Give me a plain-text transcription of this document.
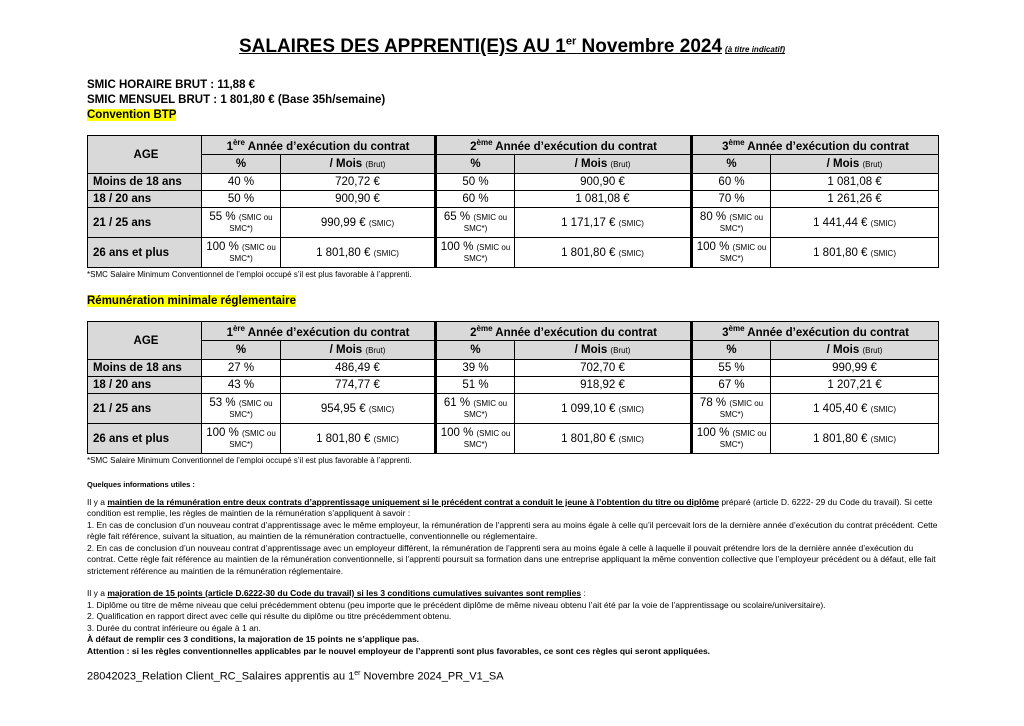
SALAIRES DES APPRENTI(E)S AU 1er Novembre 2024 (à titre indicatif)
SMIC HORAIRE BRUT : 11,88 €
SMIC MENSUEL BRUT : 1 801,80 € (Base 35h/semaine)
Convention BTP
AGE	1ère Année d’exécution du contrat		2ème Année d’exécution du contrat		3ème Année d’exécution du contrat	
	%	/ Mois (Brut)	%	/ Mois (Brut)	%	/ Mois (Brut)
Moins de 18 ans	40 %	720,72 €	50 %	900,90 €	60 %	1 081,08 €
18 / 20 ans	50 %	900,90 €	60 %	1 081,08 €	70 %	1 261,26 €
21 / 25 ans	55 % (SMIC ou SMC*)	990,99 € (SMIC)	65 % (SMIC ou SMC*)	1 171,17 € (SMIC)	80 % (SMIC ou SMC*)	1 441,44 € (SMIC)
26 ans et plus	100 % (SMIC ou SMC*)	1 801,80 € (SMIC)	100 % (SMIC ou SMC*)	1 801,80 € (SMIC)	100 % (SMIC ou SMC*)	1 801,80 € (SMIC)
*SMC Salaire Minimum Conventionnel de l’emploi occupé s’il est plus favorable à l’apprenti.
Rémunération minimale réglementaire
AGE	1ère Année d’exécution du contrat		2ème Année d’exécution du contrat		3ème Année d’exécution du contrat	
	%	/ Mois (Brut)	%	/ Mois (Brut)	%	/ Mois (Brut)
Moins de 18 ans	27 %	486,49 €	39 %	702,70 €	55 %	990,99 €
18 / 20 ans	43 %	774,77 €	51 %	918,92 €	67 %	1 207,21 €
21 / 25 ans	53 % (SMIC ou SMC*)	954,95 € (SMIC)	61 % (SMIC ou SMC*)	1 099,10 € (SMIC)	78 % (SMIC ou SMC*)	1 405,40 € (SMIC)
26 ans et plus	100 % (SMIC ou SMC*)	1 801,80 € (SMIC)	100 % (SMIC ou SMC*)	1 801,80 € (SMIC)	100 % (SMIC ou SMC*)	1 801,80 € (SMIC)
*SMC Salaire Minimum Conventionnel de l’emploi occupé s’il est plus favorable à l’apprenti.

Quelques informations utiles :

Il y a maintien de la rémunération entre deux contrats d’apprentissage uniquement si le précédent contrat a conduit le jeune à l’obtention du titre ou diplôme préparé (article D. 6222- 29 du Code du travail). Si cette condition est remplie, les règles de maintien de la rémunération s’appliquent à savoir :

1. En cas de conclusion d’un nouveau contrat d’apprentissage avec le même employeur, la rémunération de l’apprenti sera au moins égale à celle qu’il percevait lors de la dernière année d’exécution du contrat précédent. Cette règle fait référence, suivant la situation, au maintien de la rémunération contractuelle, conventionnelle ou réglementaire.

2. En cas de conclusion d’un nouveau contrat d’apprentissage avec un employeur différent, la rémunération de l’apprenti sera au moins égale à celle à laquelle il pouvait prétendre lors de la dernière année d’exécution du contrat. Cette règle fait référence au maintien de la rémunération conventionnelle, si l’apprenti poursuit sa formation dans une entreprise appliquant la même convention collective que l’employeur précédent ou à défaut, elle fait strictement référence au maintien de la rémunération réglementaire.

Il y a majoration de 15 points (article D.6222-30 du Code du travail) si les 3 conditions cumulatives suivantes sont remplies :

1. Diplôme ou titre de même niveau que celui précédemment obtenu (peu importe que le précédent diplôme de même niveau obtenu l’ait été par la voie de l’apprentissage ou scolaire/universitaire).

2. Qualification en rapport direct avec celle qui résulte du diplôme ou titre précédemment obtenu.

3. Durée du contrat inférieure ou égale à 1 an.

À défaut de remplir ces 3 conditions, la majoration de 15 points ne s’applique pas.

Attention : si les règles conventionnelles applicables par le nouvel employeur de l’apprenti sont plus favorables, ce sont ces règles qui seront appliquées.

28042023_Relation Client_RC_Salaires apprentis au 1er Novembre 2024_PR_V1_SA
